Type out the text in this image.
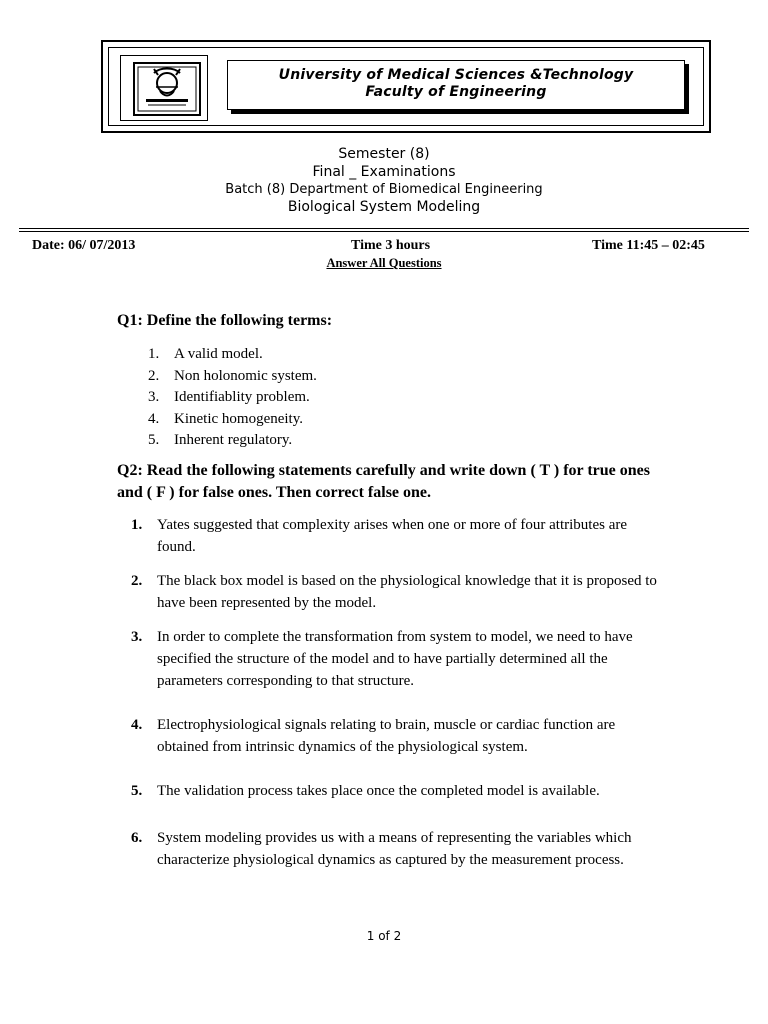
University of Medical Sciences &Technology
Faculty of Engineering
Semester (8)
Final _ Examinations
Batch (8) Department of Biomedical Engineering
Biological System Modeling
Date: 06/ 07/2013	Time 3 hours	Time 11:45 – 02:45
Answer All Questions
Q1: Define the following terms:
1. A valid model.
2. Non holonomic system.
3. Identifiablity problem.
4. Kinetic homogeneity.
5. Inherent regulatory.
Q2: Read the following statements carefully and write down ( T ) for true ones and ( F ) for false ones. Then correct false one.
1. Yates suggested that complexity arises when one or more of four attributes are found.
2. The black box model is based on the physiological knowledge that it is proposed to have been represented by the model.
3. In order to complete the transformation from system to model, we need to have specified the structure of the model and to have partially determined all the parameters corresponding to that structure.
4. Electrophysiological signals relating to brain, muscle or cardiac function are obtained from intrinsic dynamics of the physiological system.
5. The validation process takes place once the completed model is available.
6. System modeling provides us with a means of representing the variables which characterize physiological dynamics as captured by the measurement process.
1 of 2
